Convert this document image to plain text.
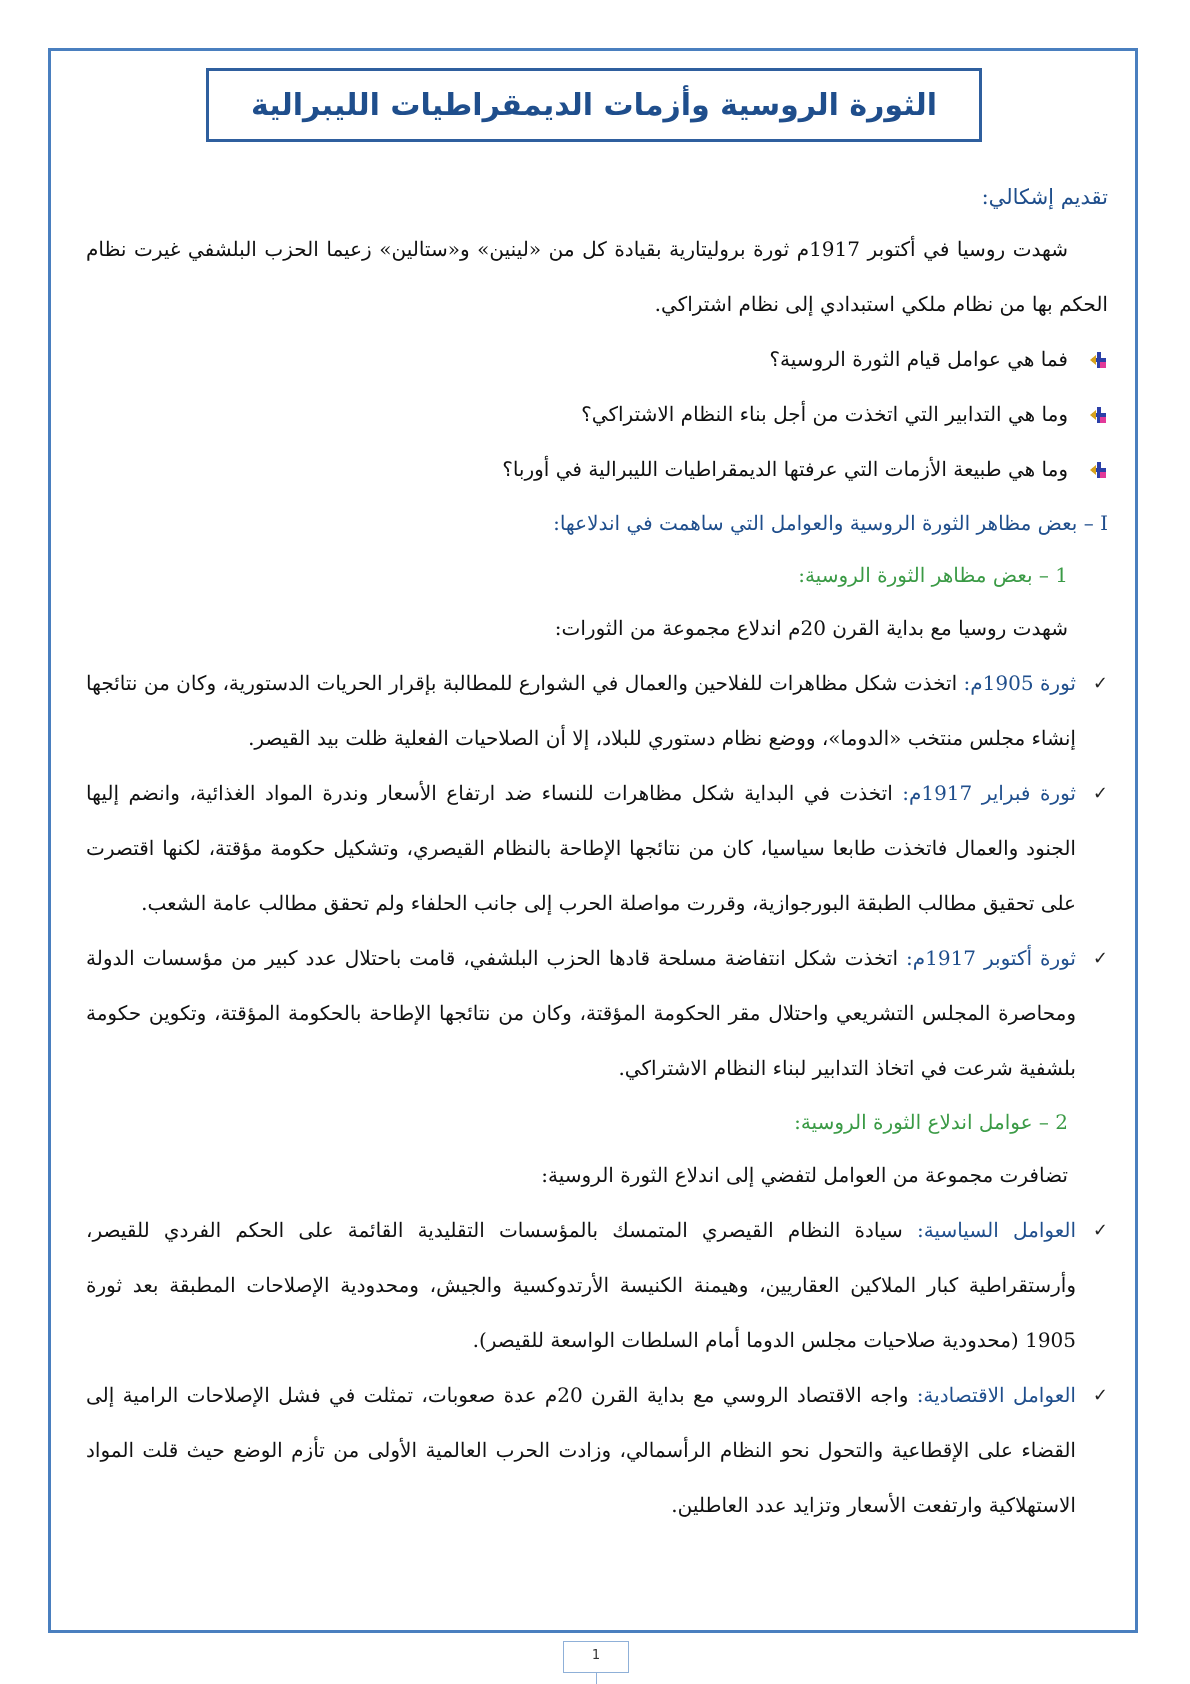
الثورة الروسية وأزمات الديمقراطيات الليبرالية

تقديم إشكالي:

شهدت روسيا في أكتوبر 1917م ثورة بروليتارية بقيادة كل من «لينين» و«ستالين» زعيما الحزب البلشفي غيرت نظام الحكم بها من نظام ملكي استبدادي إلى نظام اشتراكي.

فما هي عوامل قيام الثورة الروسية؟

وما هي التدابير التي اتخذت من أجل بناء النظام الاشتراكي؟

وما هي طبيعة الأزمات التي عرفتها الديمقراطيات الليبرالية في أوربا؟

I – بعض مظاهر الثورة الروسية والعوامل التي ساهمت في اندلاعها:

1 – بعض مظاهر الثورة الروسية:

شهدت روسيا مع بداية القرن 20م اندلاع مجموعة من الثورات:

✓
ثورة 1905م: اتخذت شكل مظاهرات للفلاحين والعمال في الشوارع للمطالبة بإقرار الحريات الدستورية، وكان من نتائجها إنشاء مجلس منتخب «الدوما»، ووضع نظام دستوري للبلاد، إلا أن الصلاحيات الفعلية ظلت بيد القيصر.

✓
ثورة فبراير 1917م: اتخذت في البداية شكل مظاهرات للنساء ضد ارتفاع الأسعار وندرة المواد الغذائية، وانضم إليها الجنود والعمال فاتخذت طابعا سياسيا، كان من نتائجها الإطاحة بالنظام القيصري، وتشكيل حكومة مؤقتة، لكنها اقتصرت على تحقيق مطالب الطبقة البورجوازية، وقررت مواصلة الحرب إلى جانب الحلفاء ولم تحقق مطالب عامة الشعب.

✓
ثورة أكتوبر 1917م: اتخذت شكل انتفاضة مسلحة قادها الحزب البلشفي، قامت باحتلال عدد كبير من مؤسسات الدولة ومحاصرة المجلس التشريعي واحتلال مقر الحكومة المؤقتة، وكان من نتائجها الإطاحة بالحكومة المؤقتة، وتكوين حكومة بلشفية شرعت في اتخاذ التدابير لبناء النظام الاشتراكي.

2 – عوامل اندلاع الثورة الروسية:

تضافرت مجموعة من العوامل لتفضي إلى اندلاع الثورة الروسية:

✓
العوامل السياسية: سيادة النظام القيصري المتمسك بالمؤسسات التقليدية القائمة على الحكم الفردي للقيصر، وأرستقراطية كبار الملاكين العقاريين، وهيمنة الكنيسة الأرتدوكسية والجيش، ومحدودية الإصلاحات المطبقة بعد ثورة 1905 (محدودية صلاحيات مجلس الدوما أمام السلطات الواسعة للقيصر).

✓
العوامل الاقتصادية: واجه الاقتصاد الروسي مع بداية القرن 20م عدة صعوبات، تمثلت في فشل الإصلاحات الرامية إلى القضاء على الإقطاعية والتحول نحو النظام الرأسمالي، وزادت الحرب العالمية الأولى من تأزم الوضع حيث قلت المواد الاستهلاكية وارتفعت الأسعار وتزايد عدد العاطلين.

1
